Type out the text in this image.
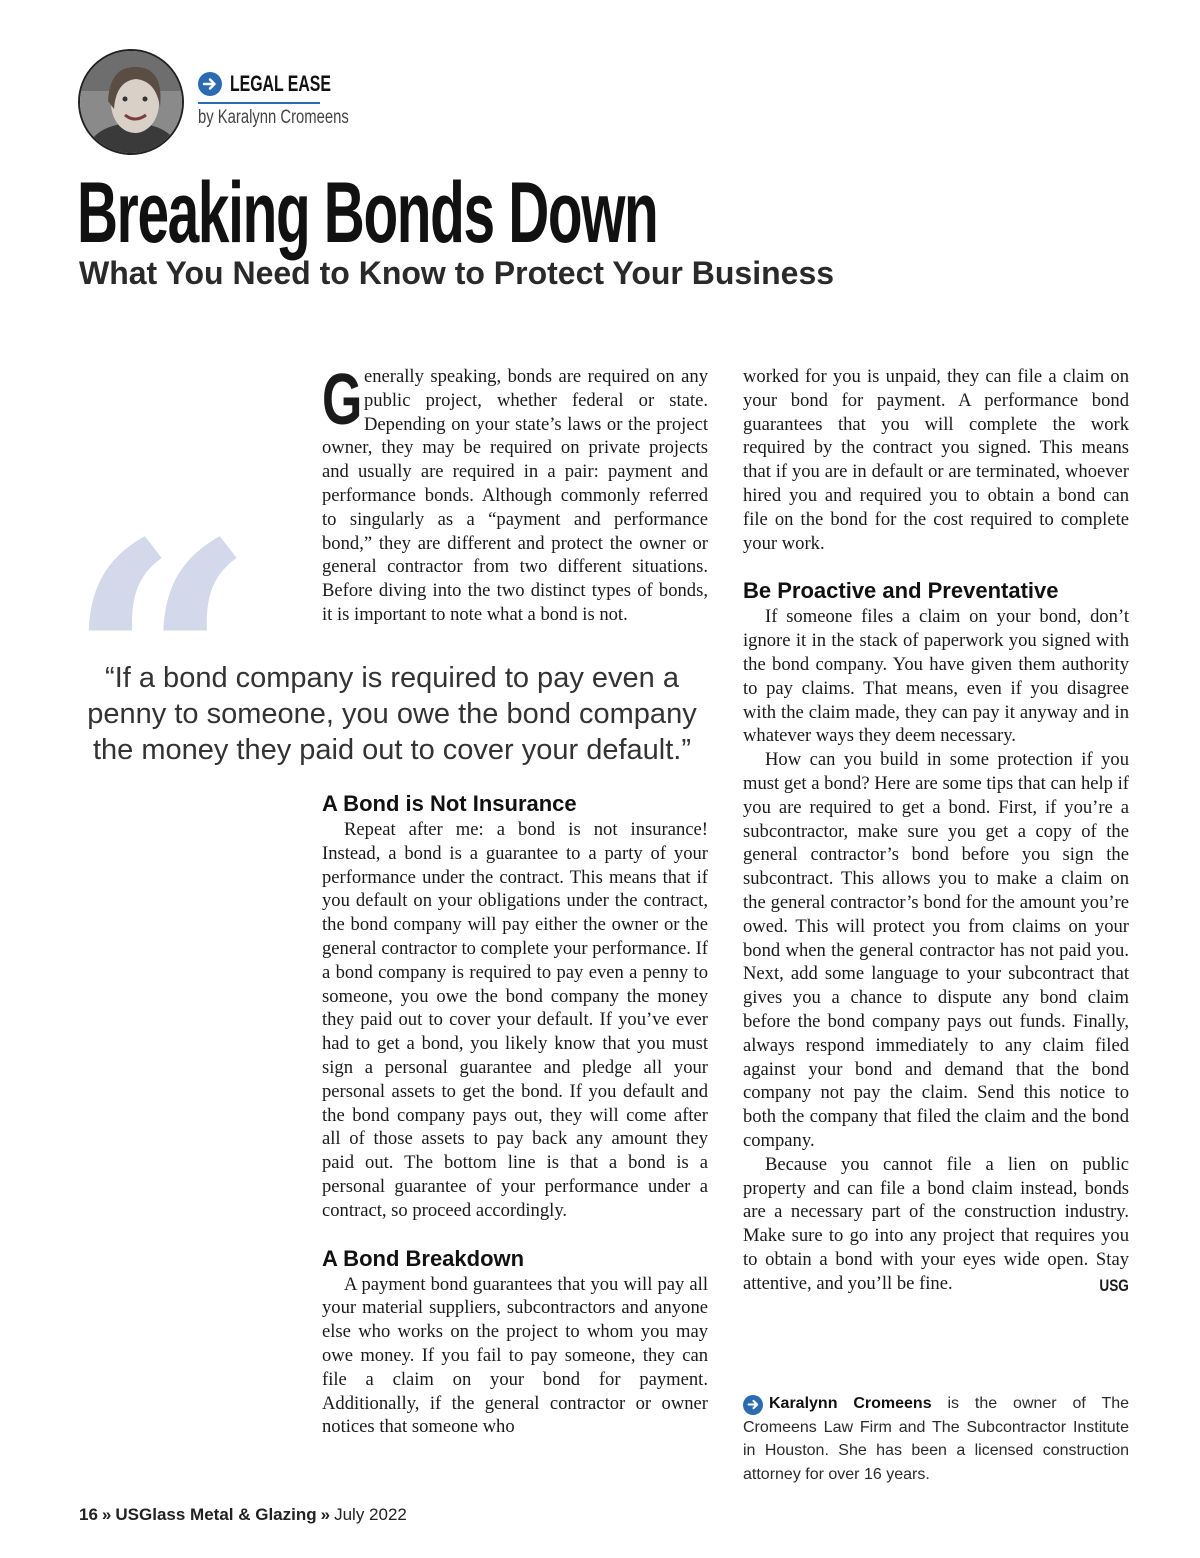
LEGAL EASE
by Karalynn Cromeens
Breaking Bonds Down
What You Need to Know to Protect Your Business
“
“If a bond company is required to pay even a penny to someone, you owe the bond company the money they paid out to cover your default.”

Generally speaking, bonds are required on any public project, whether federal or state. Depending on your state’s laws or the project owner, they may be required on private projects and usually are required in a pair: payment and performance bonds. Although commonly referred to singularly as a “payment and performance bond,” they are different and protect the owner or general contractor from two different situations. Before diving into the two distinct types of bonds, it is important to note what a bond is not.

A Bond is Not Insurance

Repeat after me: a bond is not insurance! Instead, a bond is a guarantee to a party of your performance under the contract. This means that if you default on your obligations under the contract, the bond company will pay either the owner or the general contractor to complete your performance. If a bond company is required to pay even a penny to someone, you owe the bond company the money they paid out to cover your default. If you’ve ever had to get a bond, you likely know that you must sign a personal guarantee and pledge all your personal assets to get the bond. If you default and the bond company pays out, they will come after all of those assets to pay back any amount they paid out. The bottom line is that a bond is a personal guarantee of your performance under a contract, so proceed accordingly.

A Bond Breakdown

A payment bond guarantees that you will pay all your material suppliers, subcontractors and anyone else who works on the project to whom you may owe money. If you fail to pay someone, they can file a claim on your bond for payment. Additionally, if the general contractor or owner notices that someone who

worked for you is unpaid, they can file a claim on your bond for payment. A performance bond guarantees that you will complete the work required by the contract you signed. This means that if you are in default or are terminated, whoever hired you and required you to obtain a bond can file on the bond for the cost required to complete your work.

Be Proactive and Preventative

If someone files a claim on your bond, don’t ignore it in the stack of paperwork you signed with the bond company. You have given them authority to pay claims. That means, even if you disagree with the claim made, they can pay it anyway and in whatever ways they deem necessary.

How can you build in some protection if you must get a bond? Here are some tips that can help if you are required to get a bond. First, if you’re a subcontractor, make sure you get a copy of the general contractor’s bond before you sign the subcontract. This allows you to make a claim on the general contractor’s bond for the amount you’re owed. This will protect you from claims on your bond when the general contractor has not paid you. Next, add some language to your subcontract that gives you a chance to dispute any bond claim before the bond company pays out funds. Finally, always respond immediately to any claim filed against your bond and demand that the bond company not pay the claim. Send this notice to both the company that filed the claim and the bond company.

Because you cannot file a lien on public property and can file a bond claim instead, bonds are a necessary part of the construction industry. Make sure to go into any project that requires you to obtain a bond with your eyes wide open. Stay attentive, and you’ll be fine.	USG

Karalynn Cromeens is the owner of The Cromeens Law Firm and The Subcontractor Institute in Houston. She has been a licensed construction attorney for over 16 years.
16 » USGlass Metal & Glazing » July 2022
